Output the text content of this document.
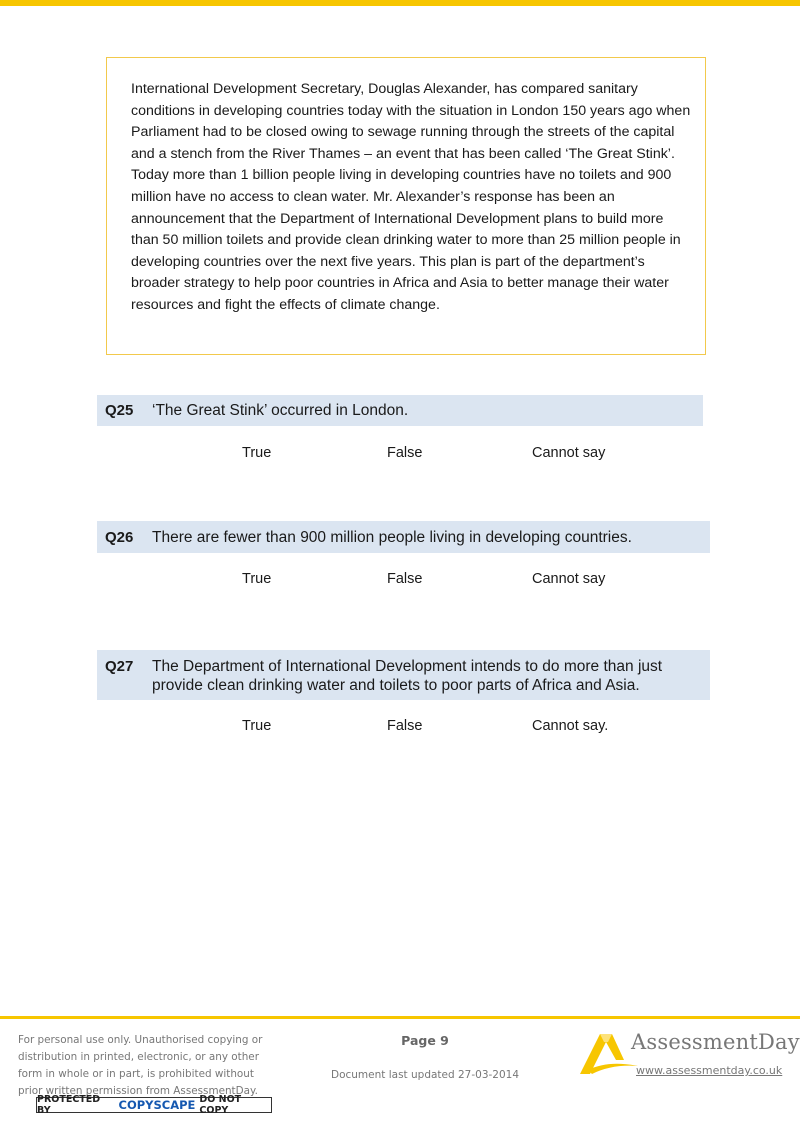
International Development Secretary, Douglas Alexander, has compared sanitary conditions in developing countries today with the situation in London 150 years ago when Parliament had to be closed owing to sewage running through the streets of the capital and a stench from the River Thames – an event that has been called ‘The Great Stink’. Today more than 1 billion people living in developing countries have no toilets and 900 million have no access to clean water. Mr. Alexander’s response has been an announcement that the Department of International Development plans to build more than 50 million toilets and provide clean drinking water to more than 25 million people in developing countries over the next five years. This plan is part of the department’s broader strategy to help poor countries in Africa and Asia to better manage their water resources and fight the effects of climate change.

Q25 ‘The Great Stink’ occurred in London.
True	False	Cannot say
Q26 There are fewer than 900 million people living in developing countries.
True	False	Cannot say
Q27 The Department of International Development intends to do more than just
provide clean drinking water and toilets to poor parts of Africa and Asia.
True	False	Cannot say.
For personal use only. Unauthorised copying or
distribution in printed, electronic, or any other
form in whole or in part, is prohibited without
prior written permission from AssessmentDay.
PROTECTED BY	COPYSCAPE DO NOT COPY
Page 9
Document last updated 27-03-2014
AssessmentDay
www.assessmentday.co.uk
